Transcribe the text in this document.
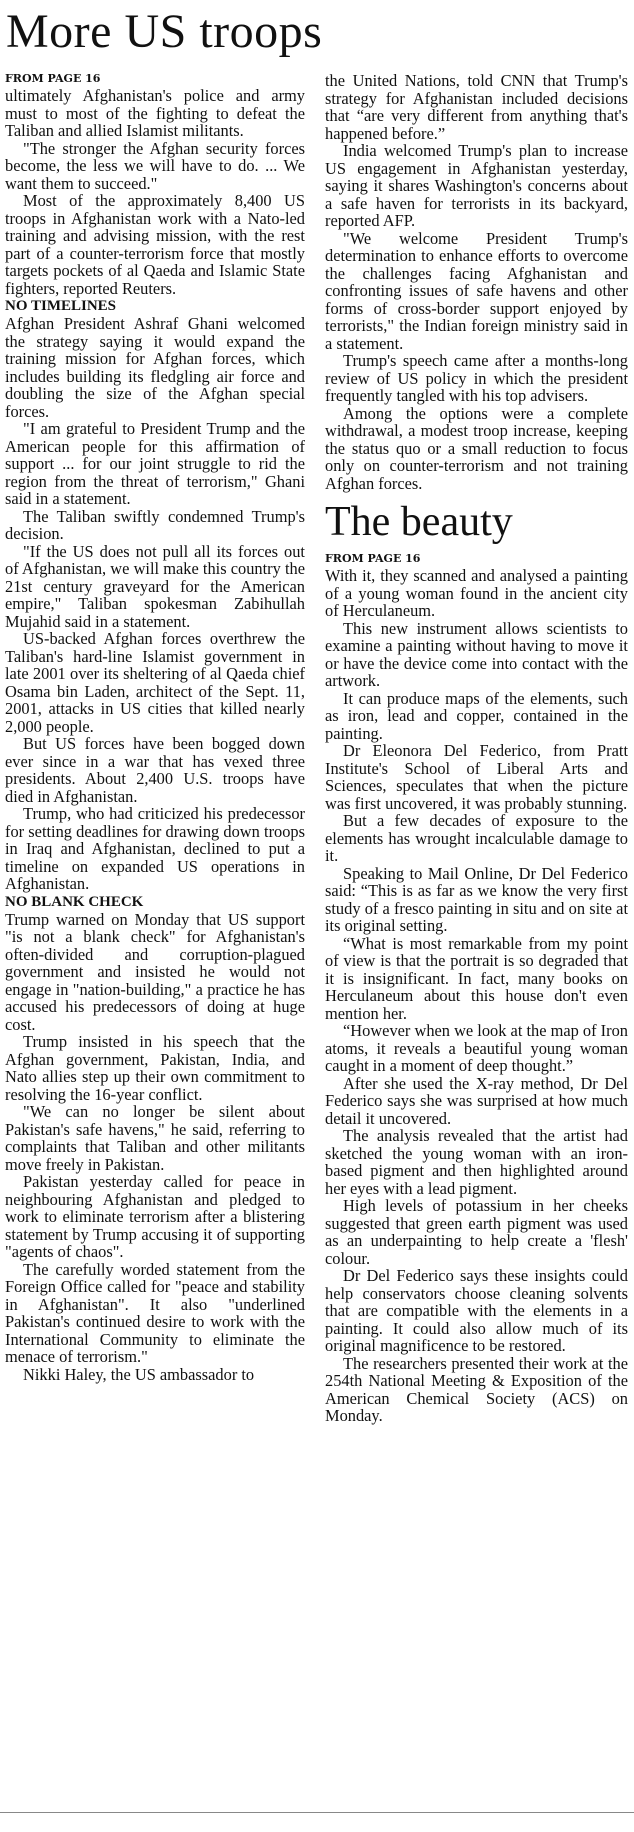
More US troops
FROM PAGE 16

ultimately Afghanistan's police and army must to most of the fighting to defeat the Taliban and allied Islamist militants.

"The stronger the Afghan security forces become, the less we will have to do. ... We want them to succeed."

Most of the approximately 8,400 US troops in Afghanistan work with a Nato-led training and advising mission, with the rest part of a counter-terrorism force that mostly targets pockets of al Qaeda and Islamic State fighters, reported Reuters.

NO TIMELINES

Afghan President Ashraf Ghani welcomed the strategy saying it would expand the training mission for Afghan forces, which includes building its fledgling air force and doubling the size of the Afghan special forces.

"I am grateful to President Trump and the American people for this affirmation of support ... for our joint struggle to rid the region from the threat of terrorism," Ghani said in a statement.

The Taliban swiftly condemned Trump's decision.

"If the US does not pull all its forces out of Afghanistan, we will make this country the 21st century graveyard for the American empire," Taliban spokesman Zabihullah Mujahid said in a statement.

US-backed Afghan forces overthrew the Taliban's hard-line Islamist government in late 2001 over its sheltering of al Qaeda chief Osama bin Laden, architect of the Sept. 11, 2001, attacks in US cities that killed nearly 2,000 people.

But US forces have been bogged down ever since in a war that has vexed three presidents. About 2,400 U.S. troops have died in Afghanistan.

Trump, who had criticized his predecessor for setting deadlines for drawing down troops in Iraq and Afghanistan, declined to put a timeline on expanded US operations in Afghanistan.

NO BLANK CHECK

Trump warned on Monday that US support "is not a blank check" for Afghanistan's often-divided and corruption-plagued government and insisted he would not engage in "nation-building," a practice he has accused his predecessors of doing at huge cost.

Trump insisted in his speech that the Afghan government, Pakistan, India, and Nato allies step up their own commitment to resolving the 16-year conflict.

"We can no longer be silent about Pakistan's safe havens," he said, referring to complaints that Taliban and other militants move freely in Pakistan.

Pakistan yesterday called for peace in neighbouring Afghanistan and pledged to work to eliminate terrorism after a blistering statement by Trump accusing it of supporting "agents of chaos".

The carefully worded statement from the Foreign Office called for "peace and stability in Afghanistan". It also "underlined Pakistan's continued desire to work with the International Community to eliminate the menace of terrorism."

Nikki Haley, the US ambassador to

the United Nations, told CNN that Trump's strategy for Afghanistan included decisions that “are very different from anything that's happened before.”

India welcomed Trump's plan to increase US engagement in Afghanistan yesterday, saying it shares Washington's concerns about a safe haven for terrorists in its backyard, reported AFP.

"We welcome President Trump's determination to enhance efforts to overcome the challenges facing Afghanistan and confronting issues of safe havens and other forms of cross-border support enjoyed by terrorists," the Indian foreign ministry said in a statement.

Trump's speech came after a months-long review of US policy in which the president frequently tangled with his top advisers.

Among the options were a complete withdrawal, a modest troop increase, keeping the status quo or a small reduction to focus only on counter-terrorism and not training Afghan forces.

The beauty
FROM PAGE 16

With it, they scanned and analysed a painting of a young woman found in the ancient city of Herculaneum.

This new instrument allows scientists to examine a painting without having to move it or have the device come into contact with the artwork.

It can produce maps of the elements, such as iron, lead and copper, contained in the painting.

Dr Eleonora Del Federico, from Pratt Institute's School of Liberal Arts and Sciences, speculates that when the picture was first uncovered, it was probably stunning.

But a few decades of exposure to the elements has wrought incalculable damage to it.

Speaking to Mail Online, Dr Del Federico said: “This is as far as we know the very first study of a fresco painting in situ and on site at its original setting.

“What is most remarkable from my point of view is that the portrait is so degraded that it is insignificant. In fact, many books on Herculaneum about this house don't even mention her.

“However when we look at the map of Iron atoms, it reveals a beautiful young woman caught in a moment of deep thought.”

After she used the X-ray method, Dr Del Federico says she was surprised at how much detail it uncovered.

The analysis revealed that the artist had sketched the young woman with an iron-based pigment and then highlighted around her eyes with a lead pigment.

High levels of potassium in her cheeks suggested that green earth pigment was used as an underpainting to help create a 'flesh' colour.

Dr Del Federico says these insights could help conservators choose cleaning solvents that are compatible with the elements in a painting. It could also allow much of its original magnificence to be restored.

The researchers presented their work at the 254th National Meeting & Exposition of the American Chemical Society (ACS) on Monday.
